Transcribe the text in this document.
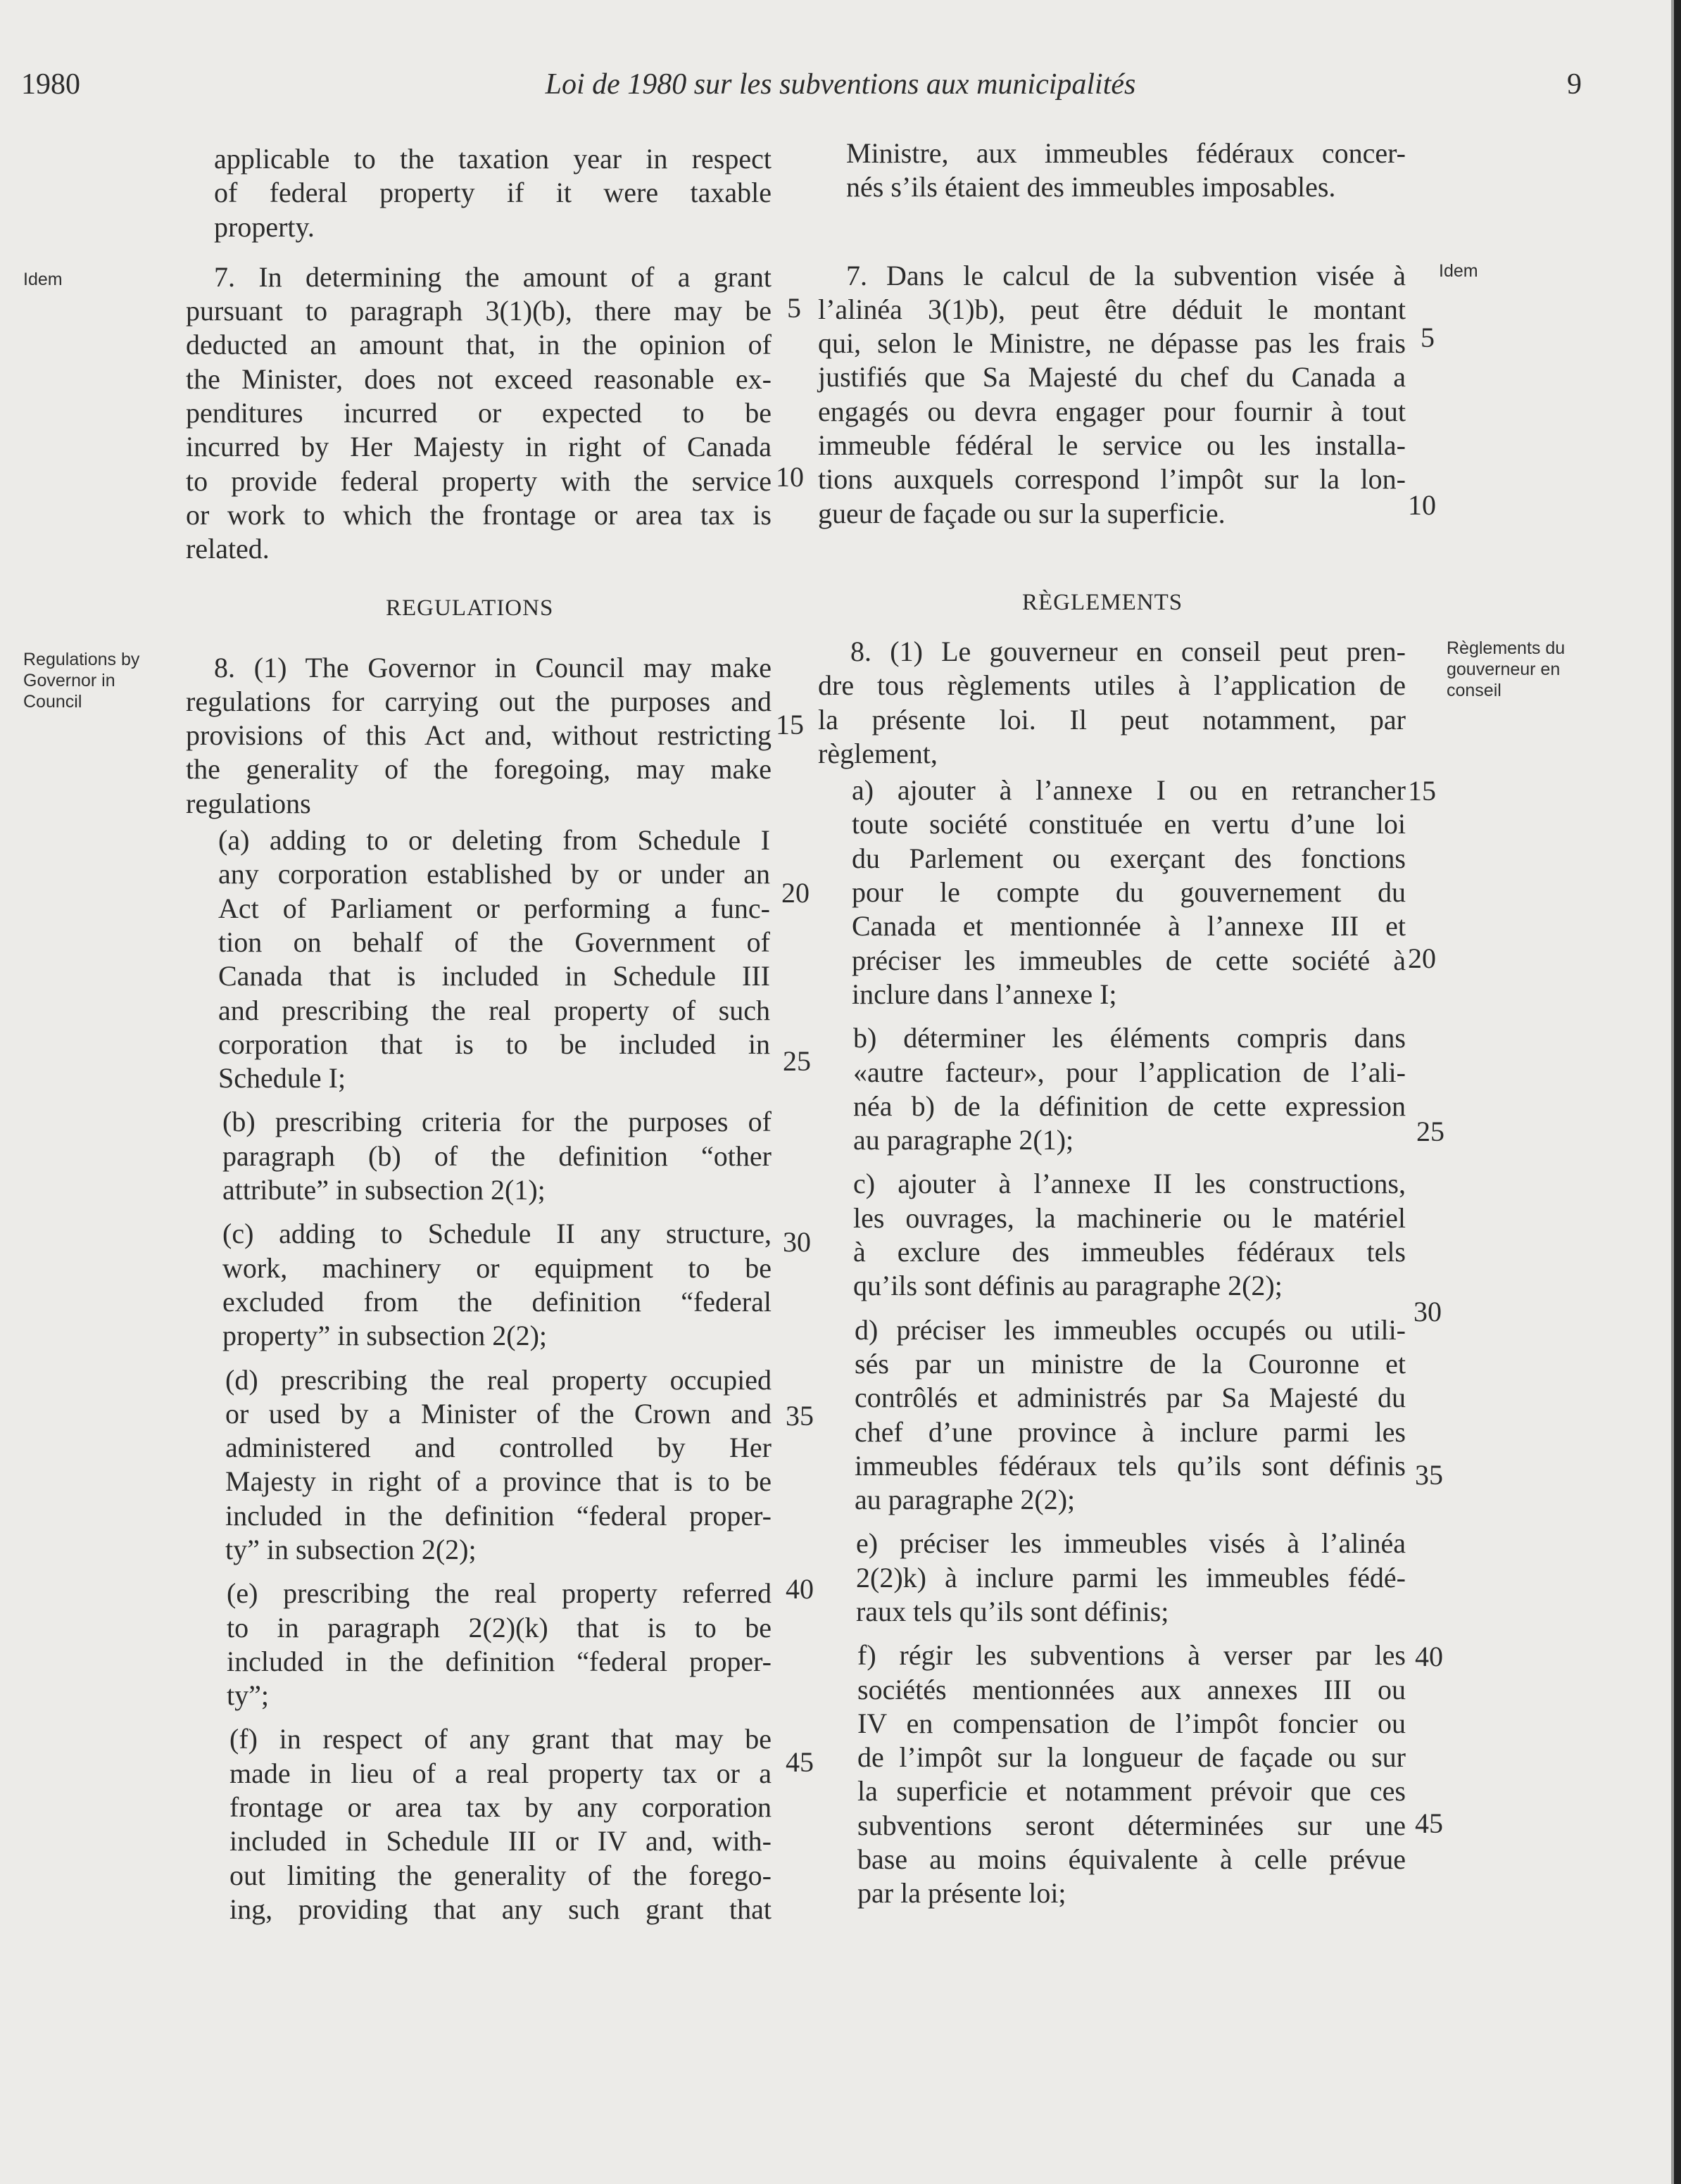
1980	Loi de 1980 sur les subventions aux municipalités	9
Idem	Idem
Regulations by
Governor in
Council
Règlements du
gouverneur en
conseil
REGULATIONS	RÈGLEMENTS

applicable to the taxation year in respect

of federal property if it were taxable

property.

7. In determining the amount of a grant

pursuant to paragraph 3(1)(b), there may be

deducted an amount that, in the opinion of

the Minister, does not exceed reasonable ex-

penditures incurred or expected to be

incurred by Her Majesty in right of Canada

to provide federal property with the service

or work to which the frontage or area tax is

related.

8. (1) The Governor in Council may make

regulations for carrying out the purposes and

provisions of this Act and, without restricting

the generality of the foregoing, may make

regulations

(a) adding to or deleting from Schedule I

any corporation established by or under an

Act of Parliament or performing a func-

tion on behalf of the Government of

Canada that is included in Schedule III

and prescribing the real property of such

corporation that is to be included in

Schedule I;

(b) prescribing criteria for the purposes of

paragraph (b) of the definition “other

attribute” in subsection 2(1);

(c) adding to Schedule II any structure,

work, machinery or equipment to be

excluded from the definition “federal

property” in subsection 2(2);

(d) prescribing the real property occupied

or used by a Minister of the Crown and

administered and controlled by Her

Majesty in right of a province that is to be

included in the definition “federal proper-

ty” in subsection 2(2);

(e) prescribing the real property referred

to in paragraph 2(2)(k) that is to be

included in the definition “federal proper-

ty”;

(f) in respect of any grant that may be

made in lieu of a real property tax or a

frontage or area tax by any corporation

included in Schedule III or IV and, with-

out limiting the generality of the forego-

ing, providing that any such grant that

Ministre, aux immeubles fédéraux concer-

nés s’ils étaient des immeubles imposables.

7. Dans le calcul de la subvention visée à

l’alinéa 3(1)b), peut être déduit le montant

qui, selon le Ministre, ne dépasse pas les frais

justifiés que Sa Majesté du chef du Canada a

engagés ou devra engager pour fournir à tout

immeuble fédéral le service ou les installa-

tions auxquels correspond l’impôt sur la lon-

gueur de façade ou sur la superficie.

8. (1) Le gouverneur en conseil peut pren-

dre tous règlements utiles à l’application de

la présente loi. Il peut notamment, par

règlement,

a) ajouter à l’annexe I ou en retrancher

toute société constituée en vertu d’une loi

du Parlement ou exerçant des fonctions

pour le compte du gouvernement du

Canada et mentionnée à l’annexe III et

préciser les immeubles de cette société à

inclure dans l’annexe I;

b) déterminer les éléments compris dans

«autre facteur», pour l’application de l’ali-

néa b) de la définition de cette expression

au paragraphe 2(1);

c) ajouter à l’annexe II les constructions,

les ouvrages, la machinerie ou le matériel

à exclure des immeubles fédéraux tels

qu’ils sont définis au paragraphe 2(2);

d) préciser les immeubles occupés ou utili-

sés par un ministre de la Couronne et

contrôlés et administrés par Sa Majesté du

chef d’une province à inclure parmi les

immeubles fédéraux tels qu’ils sont définis

au paragraphe 2(2);

e) préciser les immeubles visés à l’alinéa

2(2)k) à inclure parmi les immeubles fédé-

raux tels qu’ils sont définis;

f) régir les subventions à verser par les

sociétés mentionnées aux annexes III ou

IV en compensation de l’impôt foncier ou

de l’impôt sur la longueur de façade ou sur

la superficie et notamment prévoir que ces

subventions seront déterminées sur une

base au moins équivalente à celle prévue

par la présente loi;

5
10
15
20
25
30
35
40
45
5
10
15
20
25
30
35
40
45
